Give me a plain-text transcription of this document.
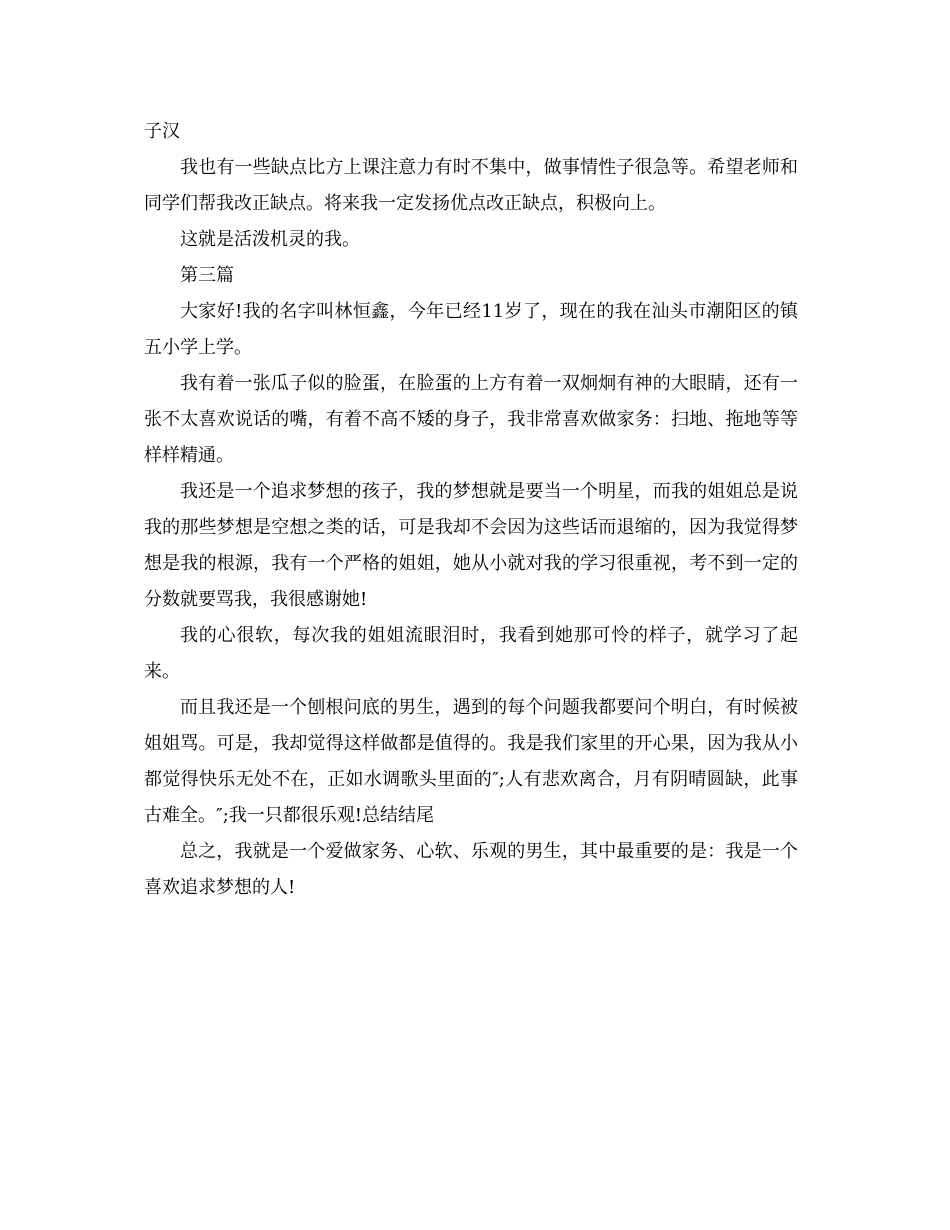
子汉

我也有一些缺点比方上课注意力有时不集中，做事情性子很急等。希望老师和同学们帮我改正缺点。将来我一定发扬优点改正缺点，积极向上。

这就是活泼机灵的我。

第三篇

大家好!我的名字叫林恒鑫，今年已经11岁了，现在的我在汕头市潮阳区的镇五小学上学。

我有着一张瓜子似的脸蛋，在脸蛋的上方有着一双炯炯有神的大眼睛，还有一张不太喜欢说话的嘴，有着不高不矮的身子，我非常喜欢做家务：扫地、拖地等等样样精通。

我还是一个追求梦想的孩子，我的梦想就是要当一个明星，而我的姐姐总是说我的那些梦想是空想之类的话，可是我却不会因为这些话而退缩的，因为我觉得梦想是我的根源，我有一个严格的姐姐，她从小就对我的学习很重视，考不到一定的分数就要骂我，我很感谢她!

我的心很软，每次我的姐姐流眼泪时，我看到她那可怜的样子，就学习了起来。

而且我还是一个刨根问底的男生，遇到的每个问题我都要问个明白，有时候被姐姐骂。可是，我却觉得这样做都是值得的。我是我们家里的开心果，因为我从小都觉得快乐无处不在，正如水调歌头里面的″;人有悲欢离合，月有阴晴圆缺，此事古难全。″;我一只都很乐观!总结结尾

总之，我就是一个爱做家务、心软、乐观的男生，其中最重要的是：我是一个喜欢追求梦想的人!
